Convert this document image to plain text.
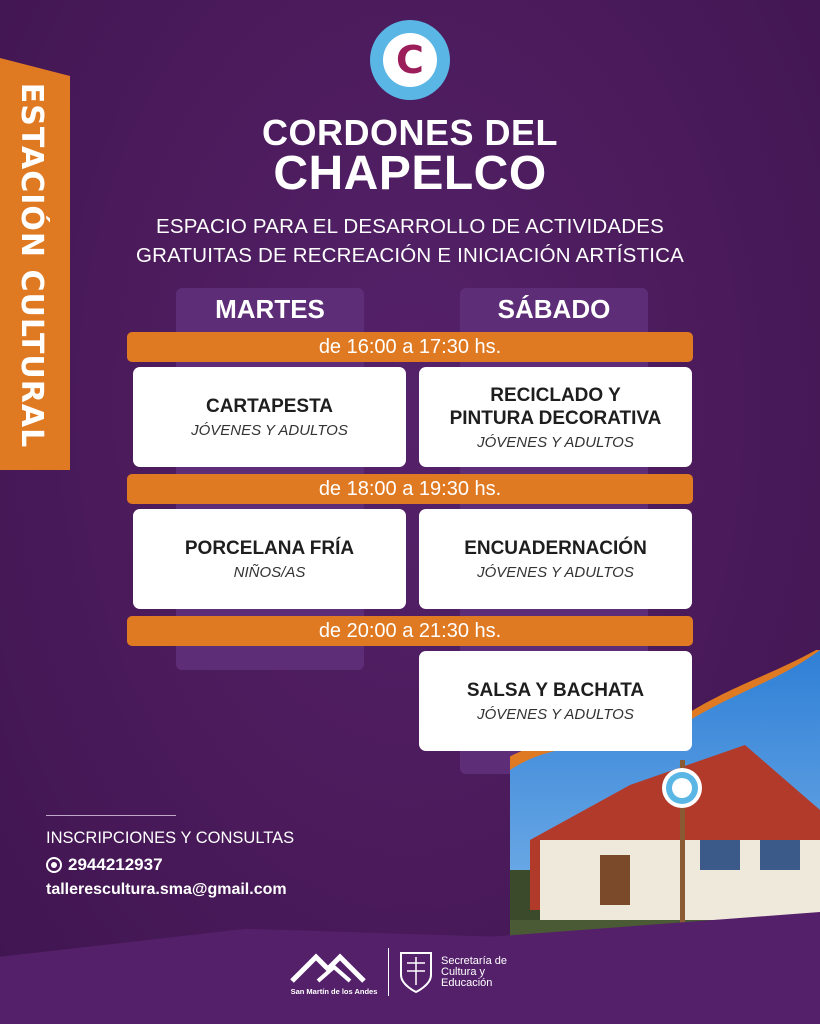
ESTACIÓN CULTURAL
C
CORDONES DEL
CHAPELCO
ESPACIO PARA EL DESARROLLO DE ACTIVIDADES
GRATUITAS DE RECREACIÓN E INICIACIÓN ARTÍSTICA
MARTES	SÁBADO
de 16:00 a 17:30 hs.
CARTAPESTA
JÓVENES Y ADULTOS
RECICLADO Y
PINTURA DECORATIVA
JÓVENES Y ADULTOS
de 18:00 a 19:30 hs.
PORCELANA FRÍA
NIÑOS/AS
ENCUADERNACIÓN
JÓVENES Y ADULTOS
de 20:00 a 21:30 hs.
SALSA Y BACHATA
JÓVENES Y ADULTOS
INSCRIPCIONES Y CONSULTAS
2944212937
tallerescultura.sma@gmail.com
San Martín de los Andes
Secretaría de
Cultura y
Educación
